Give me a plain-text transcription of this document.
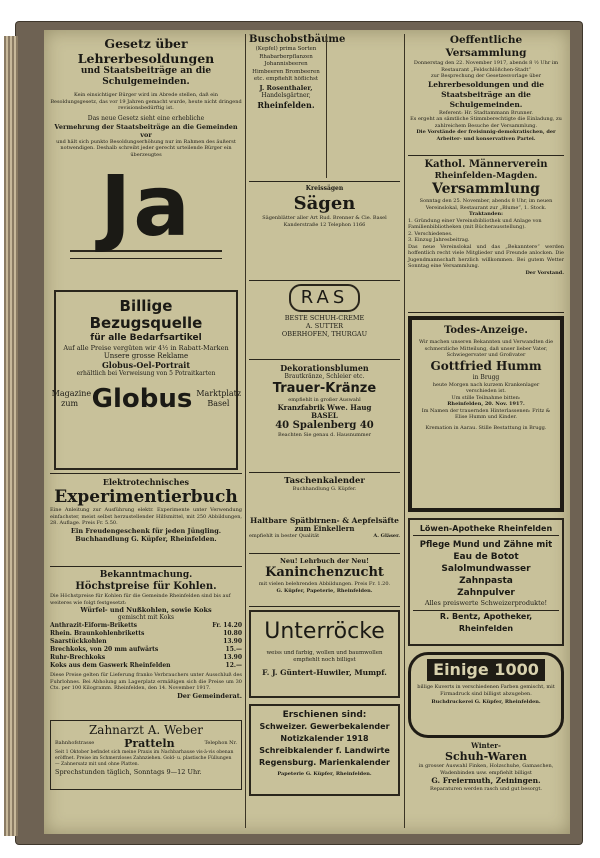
Gesetz über Lehrerbesoldungen
und Staatsbeiträge an die Schulgemeinden.
Kein einsichtiger Bürger wird im Abrede stellen, daß ein Besoldungsgesetz, das vor 19 Jahren gemacht wurde, heute nicht dringend revisionsbedürftig ist.
Das neue Gesetz sieht eine erhebliche
Vermehrung der Staatsbeiträge an die Gemeinden vor
und hält sich punkto Besoldungserhöhung nur im Rahmen des äußerst notwendigen. Deshalb schreibt jeder gerecht urteilende Bürger ein überzeugtes
Ja
Billige
Bezugsquelle
für alle Bedarfsartikel
Auf alle Preise vergüten wir 4½ in Rabatt-Marken
Unsere grosse Reklame
Globus-Oel-Portrait
erhältlich bei Verweisung von 5 Potraitkarten
Magazine zum Globus Marktplatz Basel
Elektrotechnisches
Experimentierbuch
Eine Anleitung zur Ausführung elektr. Experimente unter Verwendung einfachster, meist selbst herzustellender Hilfsmittel, mit 250 Abbildungen, 28. Auflage. Preis Fr. 5.50.
Ein Freudengeschenk für jeden Jüngling.
Buchhandlung G. Küpfer, Rheinfelden.
Bekanntmachung.
Höchstpreise für Kohlen.
Die Höchstpreise für Kohlen für die Gemeinde Rheinfelden sind bis auf weiteres wie folgt festgesetzt:
Würfel- und Nußkohlen, sowie Koks
gemischt mit Koks
Anthrazit-Eiform-Briketts	Fr. 14.20
Rhein. Braunkohlenbriketts	10.80
Saarstückkohlen	13.90
Brechkoks, von 20 mm aufwärts	15.—
Ruhr-Brechkoks	13.90
Koks aus dem Gaswerk Rheinfelden	12.—
Diese Preise gelten für Lieferung franko Verbrauchers unter Ausschluß des Fuhrlohnes. Bei Abholung am Lagerplatz ermäßigen sich die Preise um 30 Cts. per 100 Kilogramm. Rheinfelden, den 14. November 1917.
Der Gemeinderat.
Zahnarzt A. Weber
Bahnhofstrasse	Pratteln	Telephon Nr.
Seit 1 Oktober befindet sich meine Praxis im Nachbarhause vis-à-vis obenan eröffnet. Preise im Schmerzloses Zahnziehen. Gold- u. plastische Füllungen — Zahnersatz mit und ohne Platten.
Sprechstunden täglich, Sonntags 9—12 Uhr.
Buschobstbäume
(Kepfel) prima Sorten Rhabarberpflanzen Johannisbeeren Himbeeren Brombeeren etc. empfiehlt höflichst
J. Rosenthaler,
Handelsgärtner,
Rheinfelden.
Kreissägen
Sägen
Sägenblätter aller Art Rud. Brenner & Cie. Basel Kanderstraße 12 Telephon 1166
RAS
BESTE SCHUH-CREME
A. SUTTER
OBERHOFEN, THURGAU
Dekorationsblumen
Brautkränze, Schleier etc.
Trauer-Kränze
empfiehlt in großer Auswahl
Kranzfabrik Wwe. Haug
BASEL
40 Spalenberg 40
Beachten Sie genau d. Hausnummer
Taschenkalender
Buchhandlung G. Küpfer.
Haltbare Spätbirnen- & Aepfelsäfte
zum Einkellern
empfiehlt in bester Qualität	A. Gläser.
Neu! Lehrbuch der Neu!
Kaninchenzucht
mit vielen belehrenden Abbildungen. Preis Fr. 1.20.
G. Küpfer, Papeterie, Rheinfelden.
Unterröcke
weiss und farbig, wollen und baumwollen empfiehlt noch billigst
F. J. Güntert-Huwiler, Mumpf.
Erschienen sind:
Schweizer. Gewerbekalender
Notizkalender 1918
Schreibkalender f. Landwirte
Regensburg. Marienkalender
Papeterie G. Küpfer, Rheinfelden.
Oeffentliche Versammlung
Donnerstag den 22. November 1917, abends 8 ½ Uhr im Restaurant „Feldschlößchen-Stadt“
zur Besprechung der Gesetzesvorlage über
Lehrerbesoldungen und die Staatsbeiträge an die Schulgemeinden.
Referent: Hr. Stadtammann Brunner.
Es ergeht an sämtliche Stimmberechtigte die Einladung, zu zahlreichem Besuche der Versammlung.
Die Vorstände der freisinnig-demokratischen, der Arbeiter- und konservativen Partei.
Kathol. Männerverein
Rheinfelden-Magden.
Versammlung
Sonntag den 25. November, abends 8 Uhr, im neuen Vereinslokal, Restaurant zur „Blume“, 1. Stock.
Traktanden:
1. Gründung einer Vereinsbibliothek und Anlage von Familienbibliotheken (mit Bücherausstellung).
2. Verschiedenes.
3. Einzug Jahresbeitrag.
Das neue Vereinslokal und das „Bekanntere“ werden hoffentlich recht viele Mitglieder und Freunde anlocken. Die Jugendmannschaft herzlich willkommen. Bei gutem Wetter Sonntag eine Versammlung.
Der Vorstand.
Todes-Anzeige.
Wir machen unseren Bekannten und Verwandten die schmerzliche Mitteilung, daß unser lieber Vater, Schwiegervater und Großvater
Gottfried Humm
in Brugg
heute Morgen nach kurzem Krankenlager verschieden ist.
Um stille Teilnahme bitten:
Rheinfelden, 20. Nov. 1917.
Im Namen der trauernden Hinterlassenen: Fritz & Elise Humm und Kinder.
Kremation in Aarau. Stille Bestattung in Brugg.
Löwen-Apotheke Rheinfelden
Pflege Mund und Zähne mit
Eau de Botot
Salolmundwasser
Zahnpasta
Zahnpulver
Alles preiswerte Schweizerprodukte!
R. Bentz, Apotheker, Rheinfelden
Einige 1000
billige Kuverts in verschiedenen Farben gemischt, mit Firmadruck sind billigst abzugeben.
Buchdruckerei G. Küpfer, Rheinfelden.
Winter-
Schuh-Waren
in grosser Auswahl Finken, Holzschuhe, Gamaschen, Wadenbinden usw. empfiehlt billigst
G. Freiermuth, Zeiningen.
Reparaturen werden rasch und gut besorgt.
